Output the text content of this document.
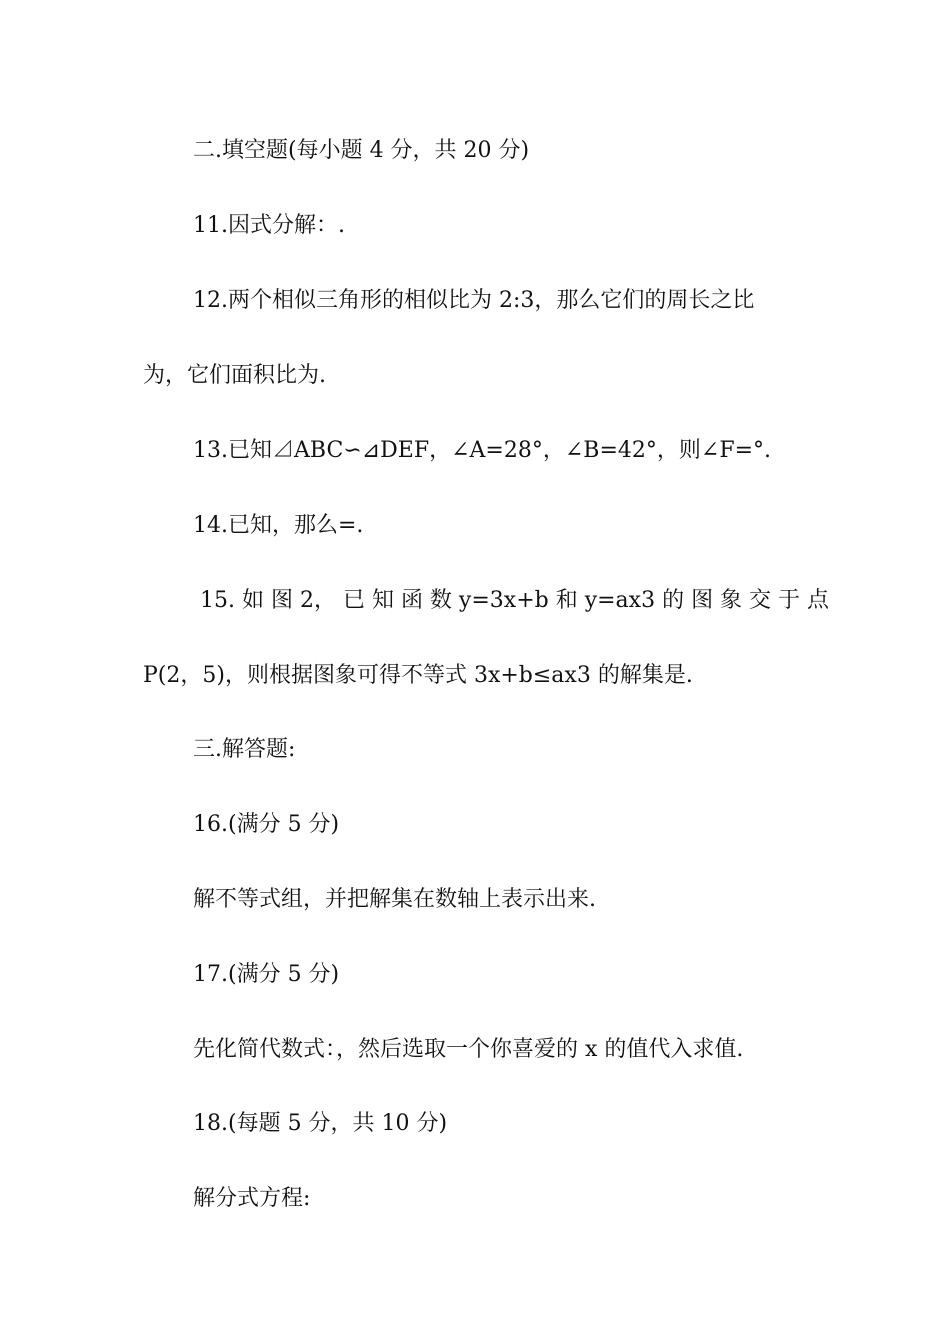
二.填空题(每小题 4 分，共 20 分)
11.因式分解：.
12.两个相似三角形的相似比为 2:3，那么它们的周长之比
为，它们面积比为.
13.已知⊿ABC∽⊿DEF，∠A=28°，∠B=42°，则∠F=°.
14.已知，那么=.
15. 如 图 2， 已 知 函 数 y=3x+b 和 y=ax3 的 图 象 交 于 点
P(2，5)，则根据图象可得不等式 3x+b≤ax3 的解集是.
三.解答题:
16.(满分 5 分)
解不等式组，并把解集在数轴上表示出来.
17.(满分 5 分)
先化简代数式：，然后选取一个你喜爱的 x 的值代入求值.
18.(每题 5 分，共 10 分)
解分式方程:
